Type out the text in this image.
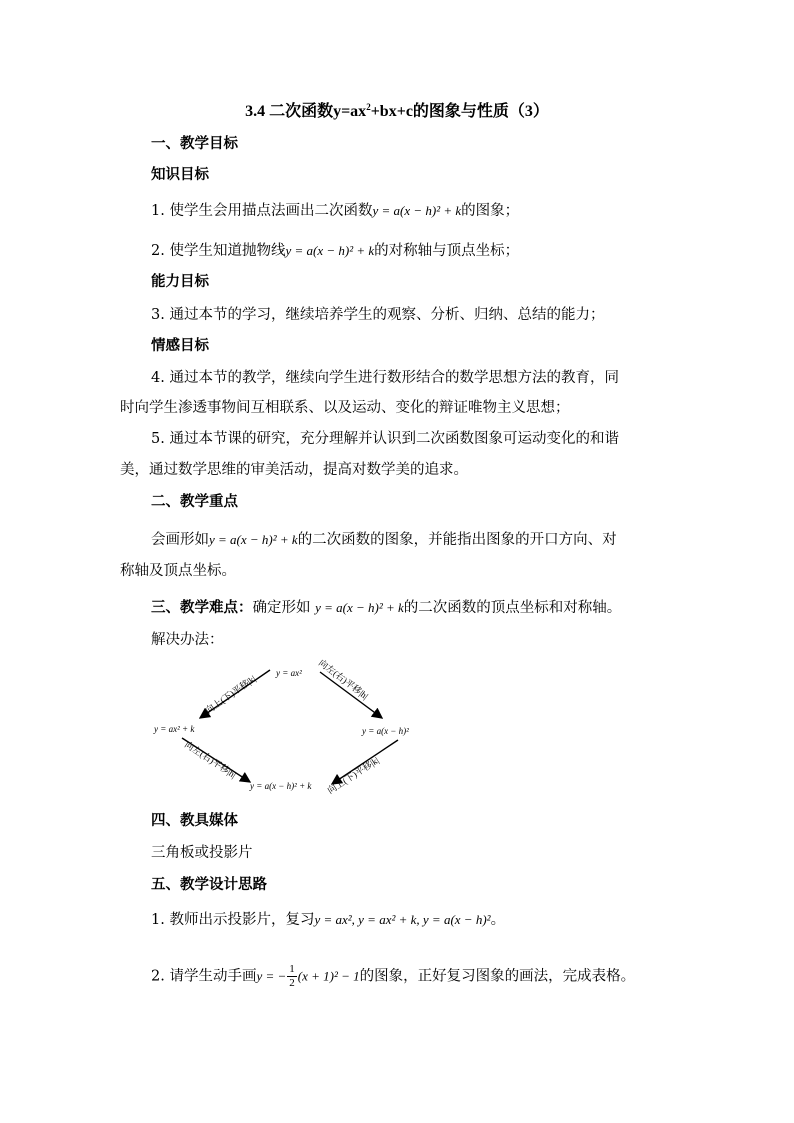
3.4 二次函数$y=ax^2+bx+c$的图象与性质（3）
一、教学目标
知识目标
1. 使学生会用描点法画出二次函数y = a(x − h)² + k的图象；
2. 使学生知道抛物线y = a(x − h)² + k的对称轴与顶点坐标；
能力目标
3. 通过本节的学习，继续培养学生的观察、分析、归纳、总结的能力；
情感目标
4. 通过本节的教学，继续向学生进行数形结合的数学思想方法的教育，同
时向学生渗透事物间互相联系、以及运动、变化的辩证唯物主义思想；
5. 通过本节课的研究，充分理解并认识到二次函数图象可运动变化的和谐
美，通过数学思维的审美活动，提高对数学美的追求。
二、教学重点
会画形如y = a(x − h)² + k的二次函数的图象，并能指出图象的开口方向、对
称轴及顶点坐标。
三、教学难点：确定形如 y = a(x − h)² + k的二次函数的顶点坐标和对称轴。
解决办法：
y = ax²
y = ax² + k	y = a(x − h)²
y = a(x − h)² + k
向上(下)平移|k|	向左(右)平移|h|
向左(右)平移|h|	向上(下)平移|k|
四、教具媒体
三角板或投影片
五、教学设计思路
1. 教师出示投影片，复习y = ax², y = ax² + k, y = a(x − h)²。
2. 请学生动手画y = − $\frac{1}{2} (x + 1)^2 - 1$的图象，正好复习图象的画法，完成表格。
